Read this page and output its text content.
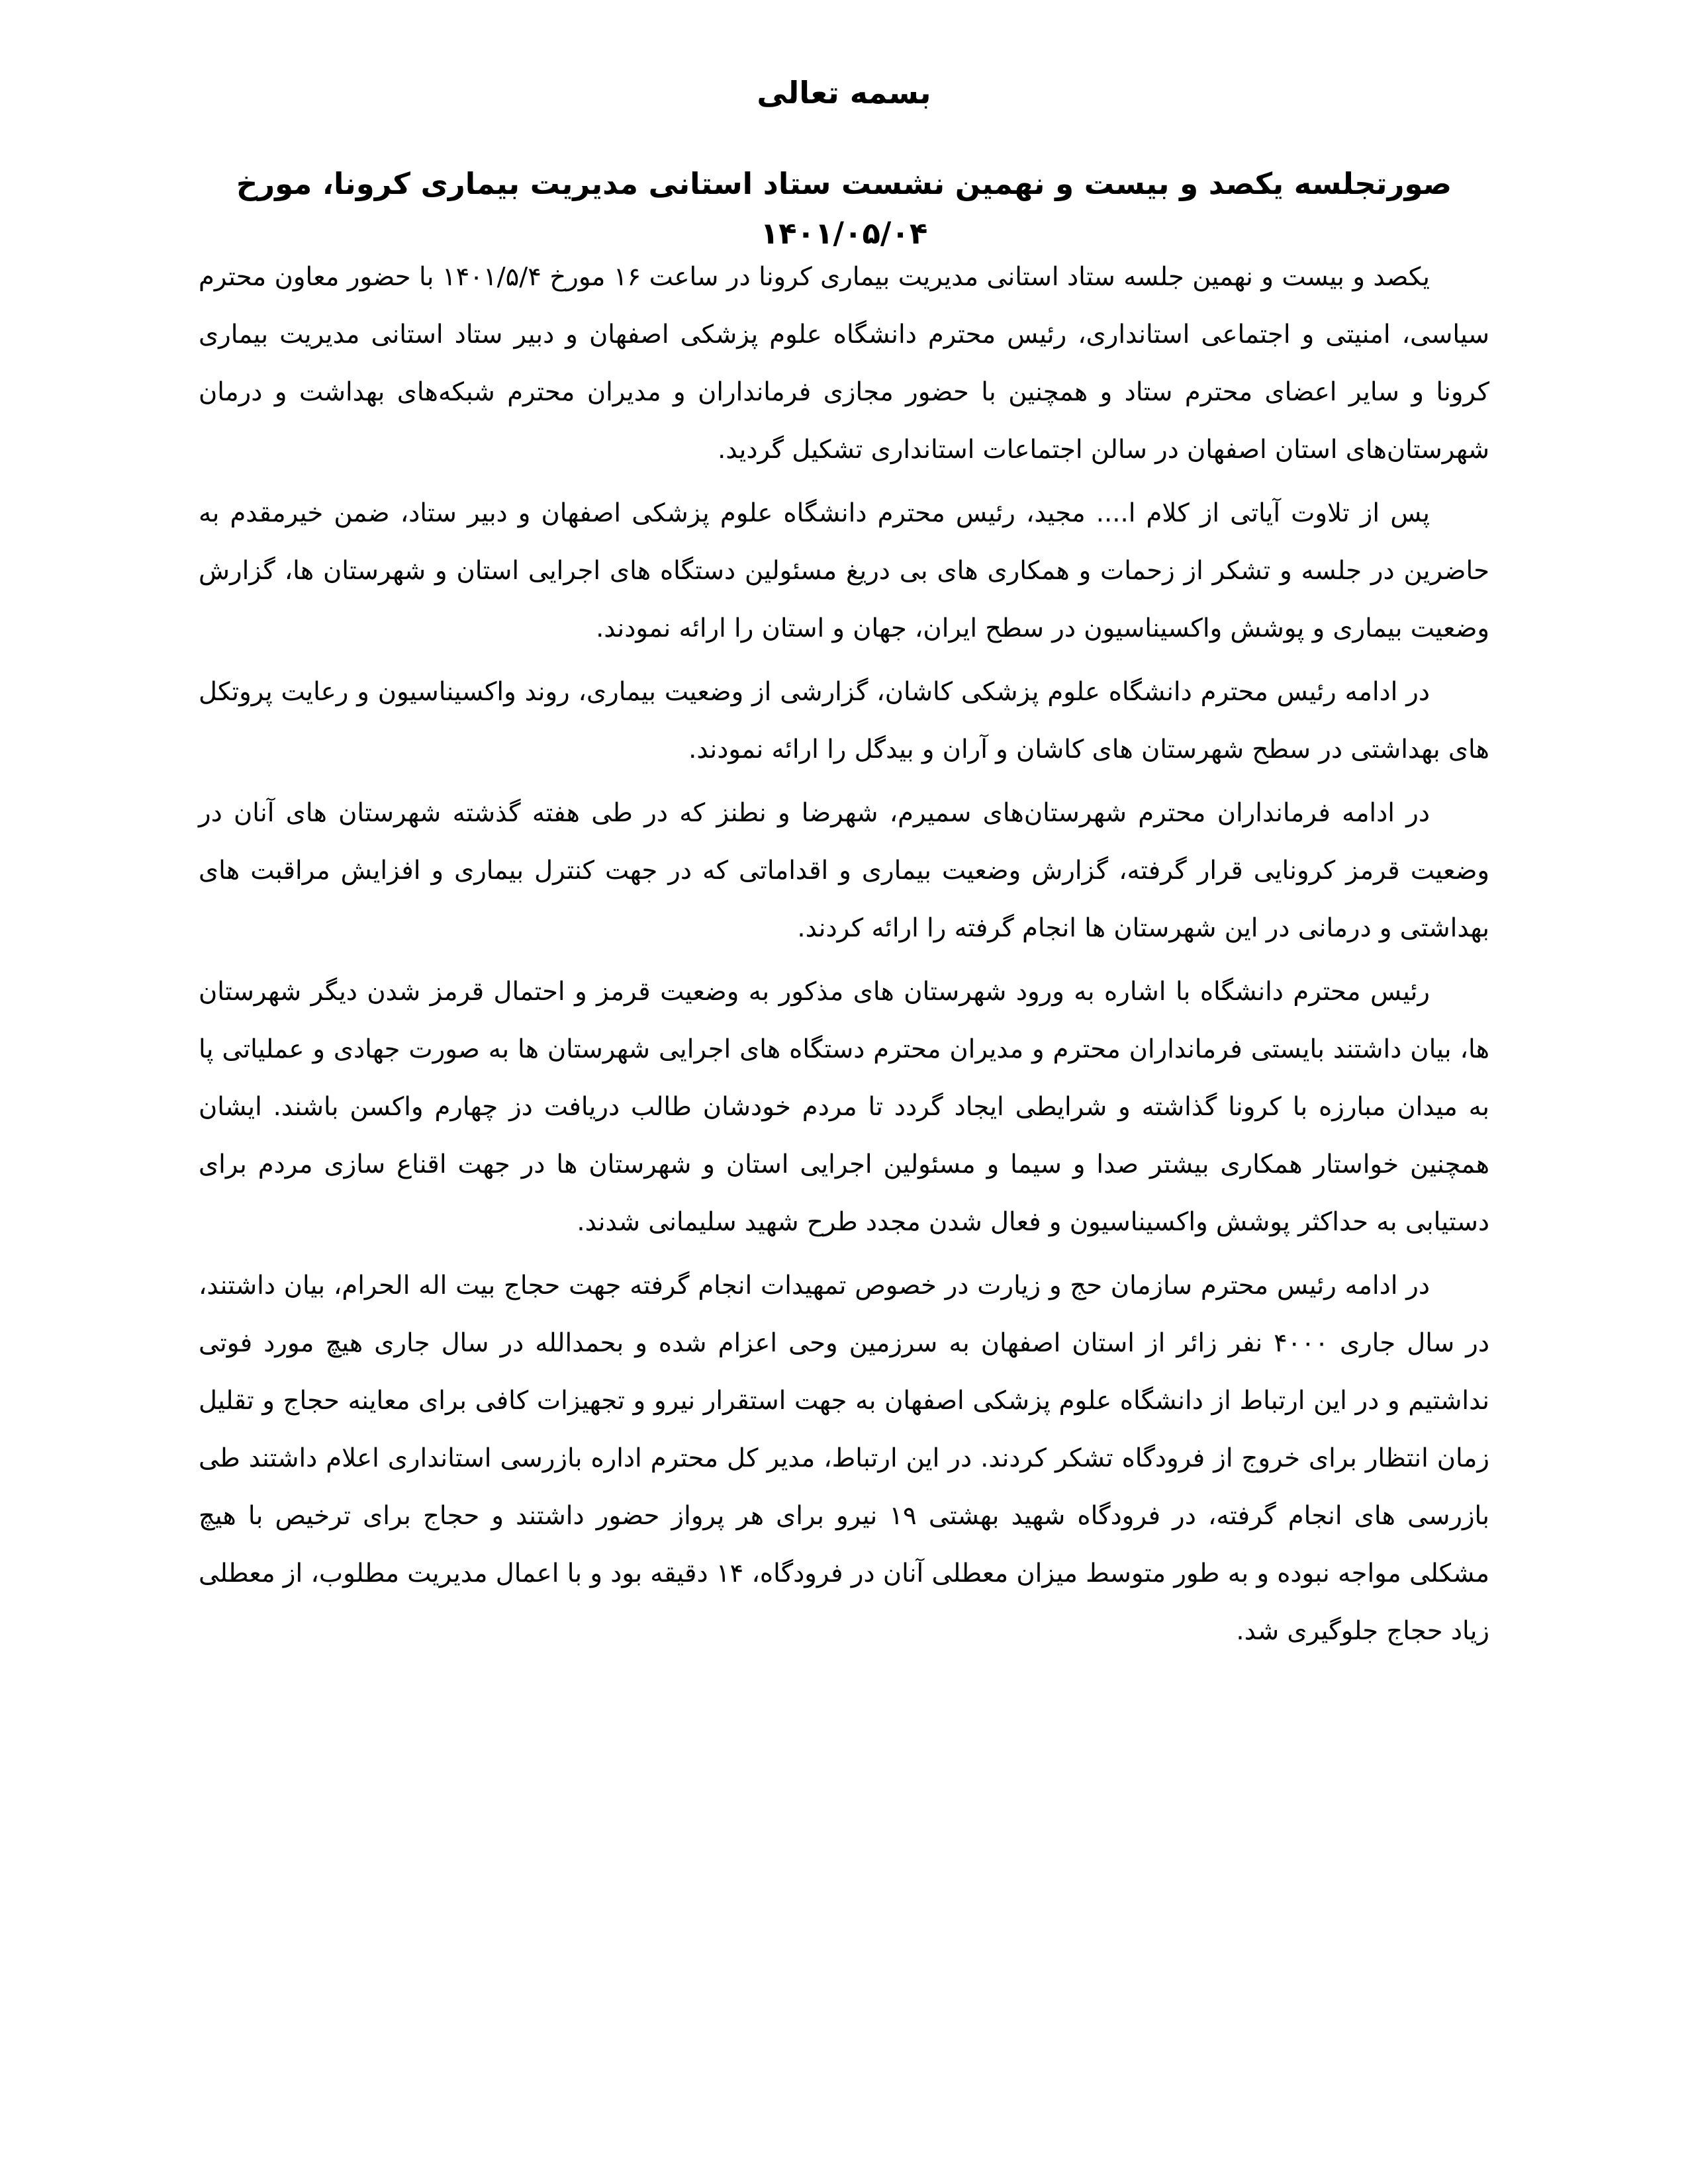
بسمه تعالی
صورتجلسه یکصد و بیست و نهمین نشست ستاد استانی مدیریت بیماری کرونا، مورخ ۱۴۰۱/۰۵/۰۴

یکصد و بیست و نهمین جلسه ستاد استانی مدیریت بیماری کرونا در ساعت ۱۶ مورخ ۱۴۰۱/۵/۴ با حضور معاون محترم سیاسی، امنیتی و اجتماعی استانداری، رئیس محترم دانشگاه علوم پزشکی اصفهان و دبیر ستاد استانی مدیریت بیماری کرونا و سایر اعضای محترم ستاد و همچنین با حضور مجازی فرمانداران و مدیران محترم شبکه‌های بهداشت و درمان شهرستان‌های استان اصفهان در سالن اجتماعات استانداری تشکیل گردید.

پس از تلاوت آیاتی از کلام ا.... مجید، رئیس محترم دانشگاه علوم پزشکی اصفهان و دبیر ستاد، ضمن خیرمقدم به حاضرین در جلسه و تشکر از زحمات و همکاری های بی دریغ مسئولین دستگاه های اجرایی استان و شهرستان ها، گزارش وضعیت بیماری و پوشش واکسیناسیون در سطح ایران، جهان و استان را ارائه نمودند.

در ادامه رئیس محترم دانشگاه علوم پزشکی کاشان، گزارشی از وضعیت بیماری، روند واکسیناسیون و رعایت پروتکل های بهداشتی در سطح شهرستان های کاشان و آران و بیدگل را ارائه نمودند.

در ادامه فرمانداران محترم شهرستان‌های سمیرم، شهرضا و نطنز که در طی هفته گذشته شهرستان های آنان در وضعیت قرمز کرونایی قرار گرفته، گزارش وضعیت بیماری و اقداماتی که در جهت کنترل بیماری و افزایش مراقبت های بهداشتی و درمانی در این شهرستان ها انجام گرفته را ارائه کردند.

رئیس محترم دانشگاه با اشاره به ورود شهرستان های مذکور به وضعیت قرمز و احتمال قرمز شدن دیگر شهرستان ها، بیان داشتند بایستی فرمانداران محترم و مدیران محترم دستگاه های اجرایی شهرستان ها به صورت جهادی و عملیاتی پا به میدان مبارزه با کرونا گذاشته و شرایطی ایجاد گردد تا مردم خودشان طالب دریافت دز چهارم واکسن باشند. ایشان همچنین خواستار همکاری بیشتر صدا و سیما و مسئولین اجرایی استان و شهرستان ها در جهت اقناع سازی مردم برای دستیابی به حداکثر پوشش واکسیناسیون و فعال شدن مجدد طرح شهید سلیمانی شدند.

در ادامه رئیس محترم سازمان حج و زیارت در خصوص تمهیدات انجام گرفته جهت حجاج بیت اله الحرام، بیان داشتند، در سال جاری ۴۰۰۰ نفر زائر از استان اصفهان به سرزمین وحی اعزام شده و بحمدالله در سال جاری هیچ مورد فوتی نداشتیم و در این ارتباط از دانشگاه علوم پزشکی اصفهان به جهت استقرار نیرو و تجهیزات کافی برای معاینه حجاج و تقلیل زمان انتظار برای خروج از فرودگاه تشکر کردند. در این ارتباط، مدیر کل محترم اداره بازرسی استانداری اعلام داشتند طی بازرسی های انجام گرفته، در فرودگاه شهید بهشتی ۱۹ نیرو برای هر پرواز حضور داشتند و حجاج برای ترخیص با هیچ مشکلی مواجه نبوده و به طور متوسط میزان معطلی آنان در فرودگاه، ۱۴ دقیقه بود و با اعمال مدیریت مطلوب، از معطلی زیاد حجاج جلوگیری شد.
